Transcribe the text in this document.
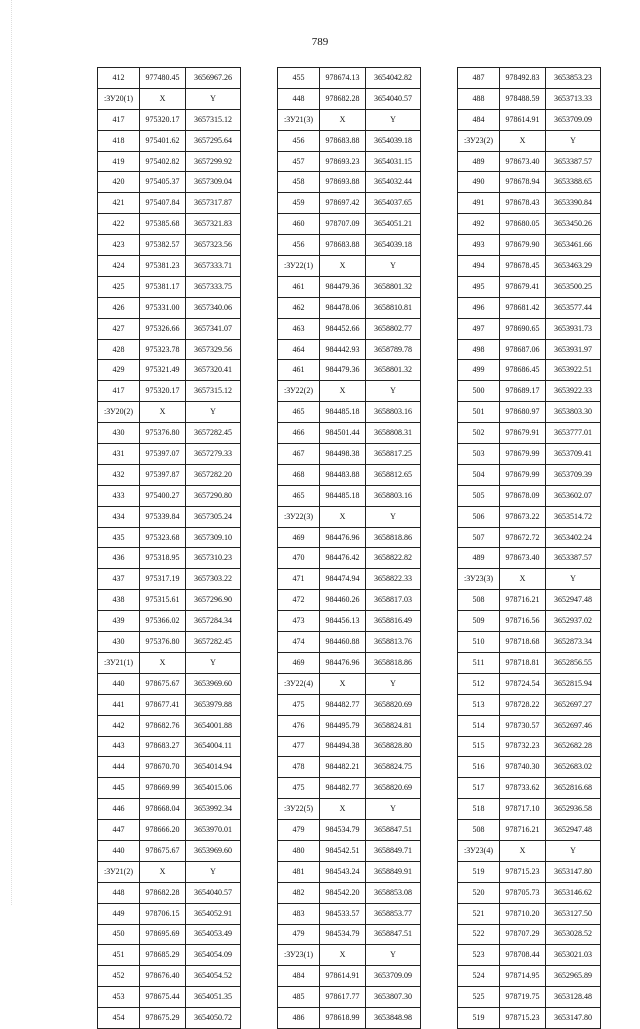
789
412	977480.45	3656967.26
:ЗУ20(1)	X	Y
417	975320.17	3657315.12
418	975401.62	3657295.64
419	975402.82	3657299.92
420	975405.37	3657309.04
421	975407.84	3657317.87
422	975385.68	3657321.83
423	975382.57	3657323.56
424	975381.23	3657333.71
425	975381.17	3657333.75
426	975331.00	3657340.06
427	975326.66	3657341.07
428	975323.78	3657329.56
429	975321.49	3657320.41
417	975320.17	3657315.12
:ЗУ20(2)	X	Y
430	975376.80	3657282.45
431	975397.07	3657279.33
432	975397.87	3657282.20
433	975400.27	3657290.80
434	975339.84	3657305.24
435	975323.68	3657309.10
436	975318.95	3657310.23
437	975317.19	3657303.22
438	975315.61	3657296.90
439	975366.02	3657284.34
430	975376.80	3657282.45
:ЗУ21(1)	X	Y
440	978675.67	3653969.60
441	978677.41	3653979.88
442	978682.76	3654001.88
443	978683.27	3654004.11
444	978670.70	3654014.94
445	978669.99	3654015.06
446	978668.04	3653992.34
447	978666.20	3653970.01
440	978675.67	3653969.60
:ЗУ21(2)	X	Y
448	978682.28	3654040.57
449	978706.15	3654052.91
450	978695.69	3654053.49
451	978685.29	3654054.09
452	978676.40	3654054.52
453	978675.44	3654051.35
454	978675.29	3654050.72
455	978674.13	3654042.82
448	978682.28	3654040.57
:ЗУ21(3)	X	Y
456	978683.88	3654039.18
457	978693.23	3654031.15
458	978693.88	3654032.44
459	978697.42	3654037.65
460	978707.09	3654051.21
456	978683.88	3654039.18
:ЗУ22(1)	X	Y
461	984479.36	3658801.32
462	984478.06	3658810.81
463	984452.66	3658802.77
464	984442.93	3658789.78
461	984479.36	3658801.32
:ЗУ22(2)	X	Y
465	984485.18	3658803.16
466	984501.44	3658808.31
467	984498.38	3658817.25
468	984483.88	3658812.65
465	984485.18	3658803.16
:ЗУ22(3)	X	Y
469	984476.96	3658818.86
470	984476.42	3658822.82
471	984474.94	3658822.33
472	984460.26	3658817.03
473	984456.13	3658816.49
474	984460.88	3658813.76
469	984476.96	3658818.86
:ЗУ22(4)	X	Y
475	984482.77	3658820.69
476	984495.79	3658824.81
477	984494.38	3658828.80
478	984482.21	3658824.75
475	984482.77	3658820.69
:ЗУ22(5)	X	Y
479	984534.79	3658847.51
480	984542.51	3658849.71
481	984543.24	3658849.91
482	984542.20	3658853.08
483	984533.57	3658853.77
479	984534.79	3658847.51
:ЗУ23(1)	X	Y
484	978614.91	3653709.09
485	978617.77	3653807.30
486	978618.99	3653848.98
487	978492.83	3653853.23
488	978488.59	3653713.33
484	978614.91	3653709.09
:ЗУ23(2)	X	Y
489	978673.40	3653387.57
490	978678.94	3653388.65
491	978678.43	3653390.84
492	978680.05	3653450.26
493	978679.90	3653461.66
494	978678.45	3653463.29
495	978679.41	3653500.25
496	978681.42	3653577.44
497	978690.65	3653931.73
498	978687.06	3653931.97
499	978686.45	3653922.51
500	978689.17	3653922.33
501	978680.97	3653803.30
502	978679.91	3653777.01
503	978679.99	3653709.41
504	978679.99	3653709.39
505	978678.09	3653602.07
506	978673.22	3653514.72
507	978672.72	3653402.24
489	978673.40	3653387.57
:ЗУ23(3)	X	Y
508	978716.21	3652947.48
509	978716.56	3652937.02
510	978718.68	3652873.34
511	978718.81	3652856.55
512	978724.54	3652815.94
513	978728.22	3652697.27
514	978730.57	3652697.46
515	978732.23	3652682.28
516	978740.30	3652683.02
517	978733.62	3652816.68
518	978717.10	3652936.58
508	978716.21	3652947.48
:ЗУ23(4)	X	Y
519	978715.23	3653147.80
520	978705.73	3653146.62
521	978710.20	3653127.50
522	978707.29	3653028.52
523	978708.44	3653021.03
524	978714.95	3652965.89
525	978719.75	3653128.48
519	978715.23	3653147.80
